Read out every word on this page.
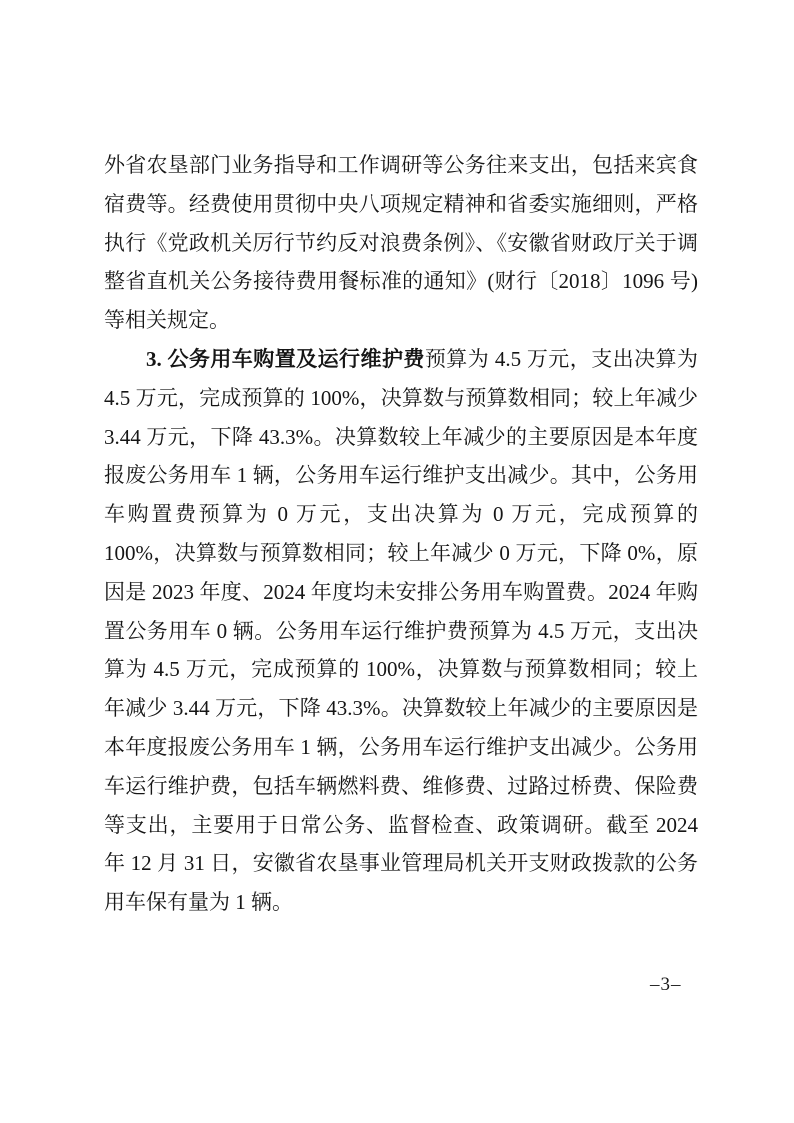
外省农垦部门业务指导和工作调研等公务往来支出，包括来宾食宿费等。经费使用贯彻中央八项规定精神和省委实施细则，严格执行《党政机关厉行节约反对浪费条例》、《安徽省财政厅关于调整省直机关公务接待费用餐标准的通知》(财行〔2018〕1096 号)等相关规定。

3. 公务用车购置及运行维护费预算为 4.5 万元，支出决算为 4.5 万元，完成预算的 100%，决算数与预算数相同；较上年减少 3.44 万元，下降 43.3%。决算数较上年减少的主要原因是本年度报废公务用车 1 辆，公务用车运行维护支出减少。其中，公务用车购置费预算为 0 万元，支出决算为 0 万元，完成预算的 100%，决算数与预算数相同；较上年减少 0 万元，下降 0%，原因是 2023 年度、2024 年度均未安排公务用车购置费。2024 年购置公务用车 0 辆。公务用车运行维护费预算为 4.5 万元，支出决算为 4.5 万元，完成预算的 100%，决算数与预算数相同；较上年减少 3.44 万元，下降 43.3%。决算数较上年减少的主要原因是本年度报废公务用车 1 辆，公务用车运行维护支出减少。公务用车运行维护费，包括车辆燃料费、维修费、过路过桥费、保险费等支出，主要用于日常公务、监督检查、政策调研。截至 2024 年 12 月 31 日，安徽省农垦事业管理局机关开支财政拨款的公务用车保有量为 1 辆。

–3–
